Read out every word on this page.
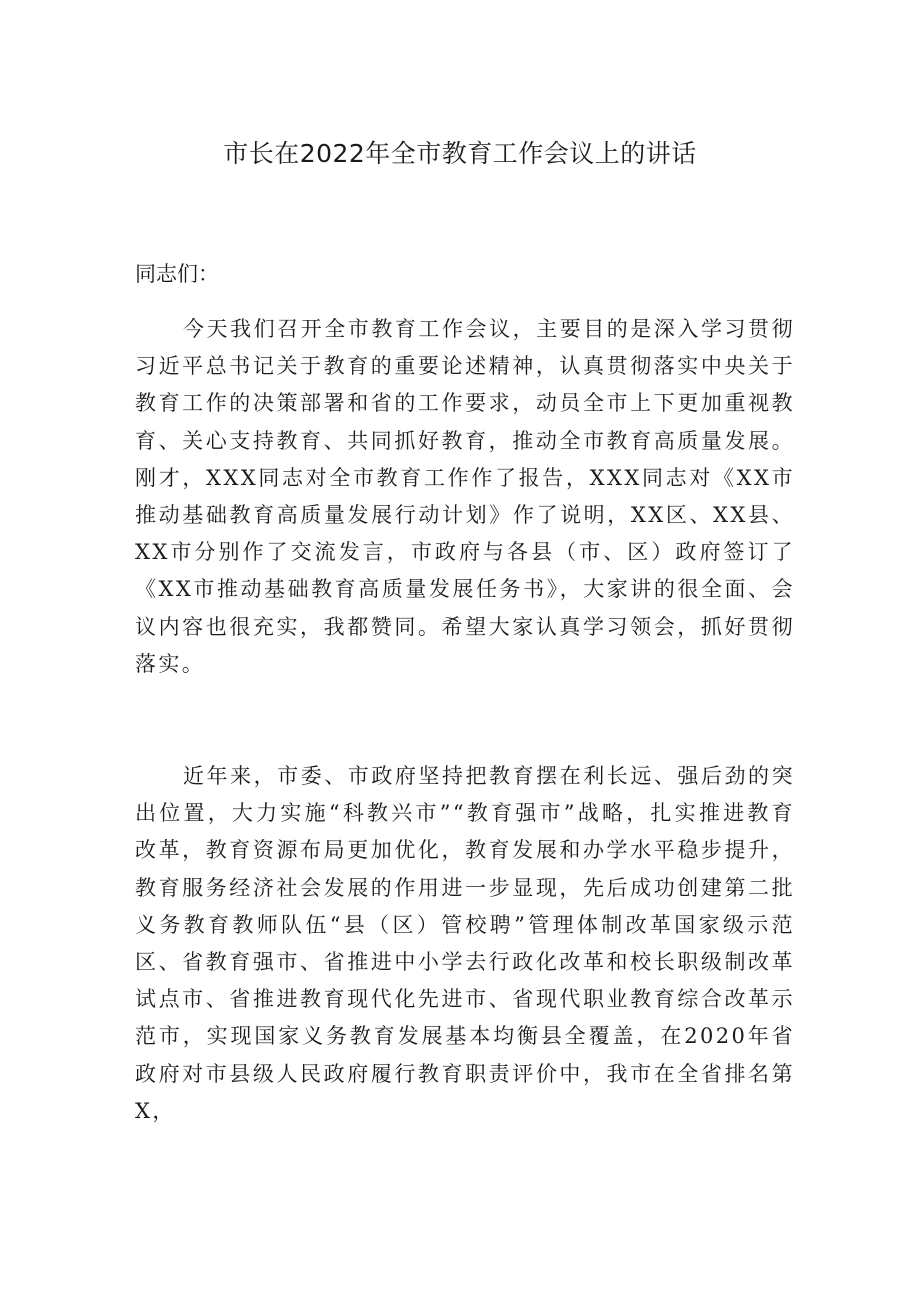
市长在2022年全市教育工作会议上的讲话

同志们：

今天我们召开全市教育工作会议，主要目的是深入学习贯彻习近平总书记关于教育的重要论述精神，认真贯彻落实中央关于教育工作的决策部署和省的工作要求，动员全市上下更加重视教育、关心支持教育、共同抓好教育，推动全市教育高质量发展。刚才，XXX同志对全市教育工作作了报告，XXX同志对《XX市推动基础教育高质量发展行动计划》作了说明，XX区、XX县、XX市分别作了交流发言，市政府与各县（市、区）政府签订了《XX市推动基础教育高质量发展任务书》，大家讲的很全面、会议内容也很充实，我都赞同。希望大家认真学习领会，抓好贯彻落实。

近年来，市委、市政府坚持把教育摆在利长远、强后劲的突出位置，大力实施“科教兴市”“教育强市”战略，扎实推进教育改革，教育资源布局更加优化，教育发展和办学水平稳步提升，教育服务经济社会发展的作用进一步显现，先后成功创建第二批义务教育教师队伍“县（区）管校聘”管理体制改革国家级示范区、省教育强市、省推进中小学去行政化改革和校长职级制改革试点市、省推进教育现代化先进市、省现代职业教育综合改革示范市，实现国家义务教育发展基本均衡县全覆盖，在2020年省政府对市县级人民政府履行教育职责评价中，我市在全省排名第X，
